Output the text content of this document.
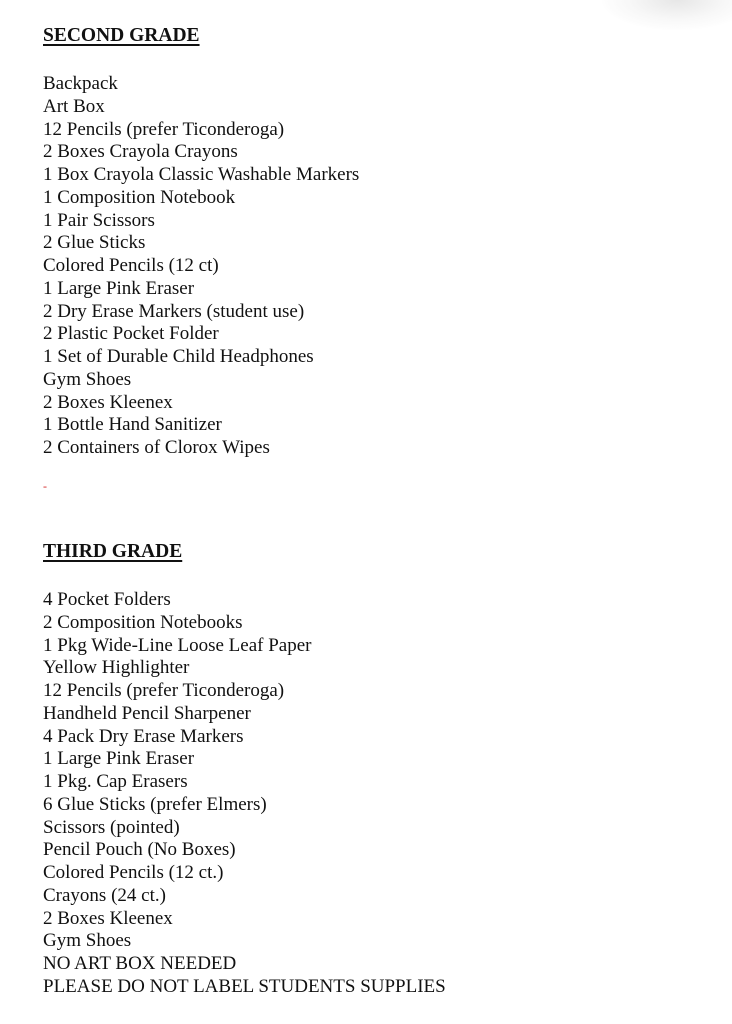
SECOND GRADE
Backpack
Art Box
12 Pencils (prefer Ticonderoga)
2 Boxes Crayola Crayons
1 Box Crayola Classic Washable Markers
1 Composition Notebook
1 Pair Scissors
2 Glue Sticks
Colored Pencils (12 ct)
1 Large Pink Eraser
2 Dry Erase Markers (student use)
2 Plastic Pocket Folder
1 Set of Durable Child Headphones
Gym Shoes
2 Boxes Kleenex
1 Bottle Hand Sanitizer
2 Containers of Clorox Wipes
-
THIRD GRADE
4 Pocket Folders
2 Composition Notebooks
1 Pkg Wide-Line Loose Leaf Paper
Yellow Highlighter
12 Pencils (prefer Ticonderoga)
Handheld Pencil Sharpener
4 Pack Dry Erase Markers
1 Large Pink Eraser
1 Pkg. Cap Erasers
6 Glue Sticks (prefer Elmers)
Scissors (pointed)
Pencil Pouch (No Boxes)
Colored Pencils (12 ct.)
Crayons (24 ct.)
2 Boxes Kleenex
Gym Shoes
NO ART BOX NEEDED
PLEASE DO NOT LABEL STUDENTS SUPPLIES
